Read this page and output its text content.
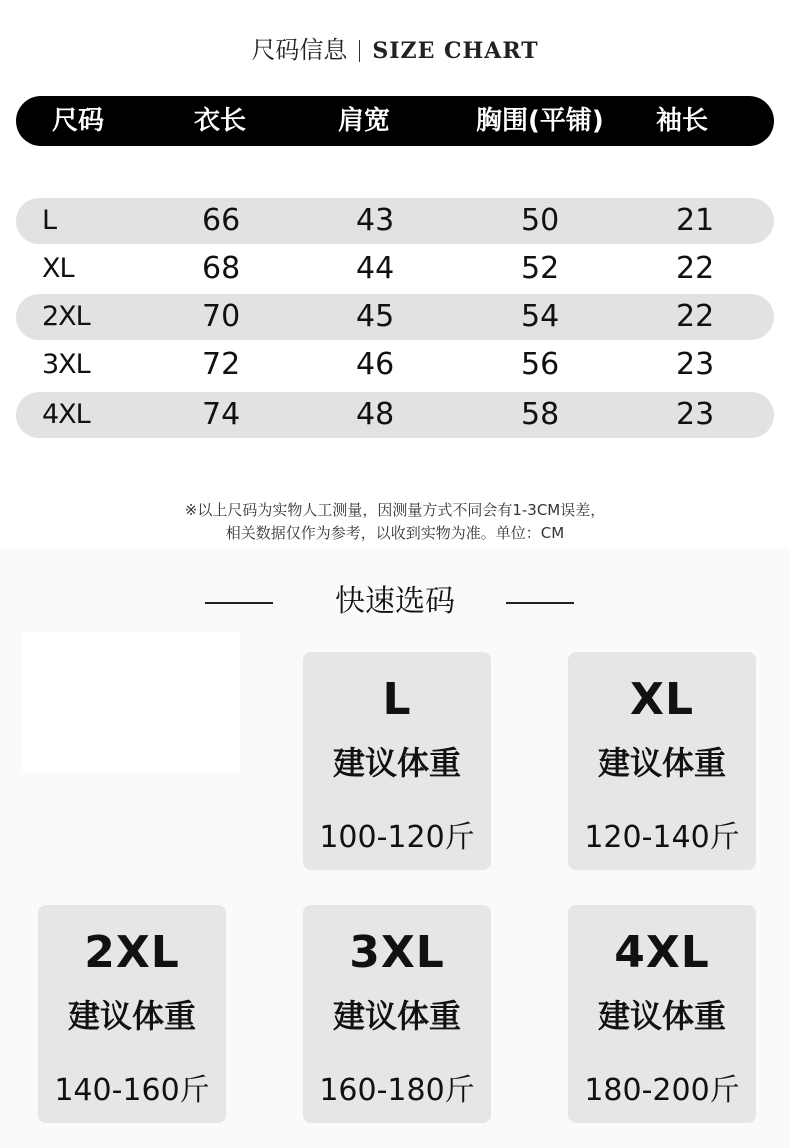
尺码信息 SIZE CHART
尺码	衣长	肩宽	胸围(平铺) 袖长
L	66	43	50	21
XL	68	44	52	22
2XL	70	45	54	22
3XL	72	46	56	23
4XL	74	48	58	23
※以上尺码为实物人工测量，因测量方式不同会有1-3CM误差，
相关数据仅作为参考，以收到实物为准。单位：CM
快速选码
L
建议体重
100-120斤
XL
建议体重
120-140斤
2XL
建议体重
140-160斤
3XL
建议体重
160-180斤
4XL
建议体重
180-200斤
